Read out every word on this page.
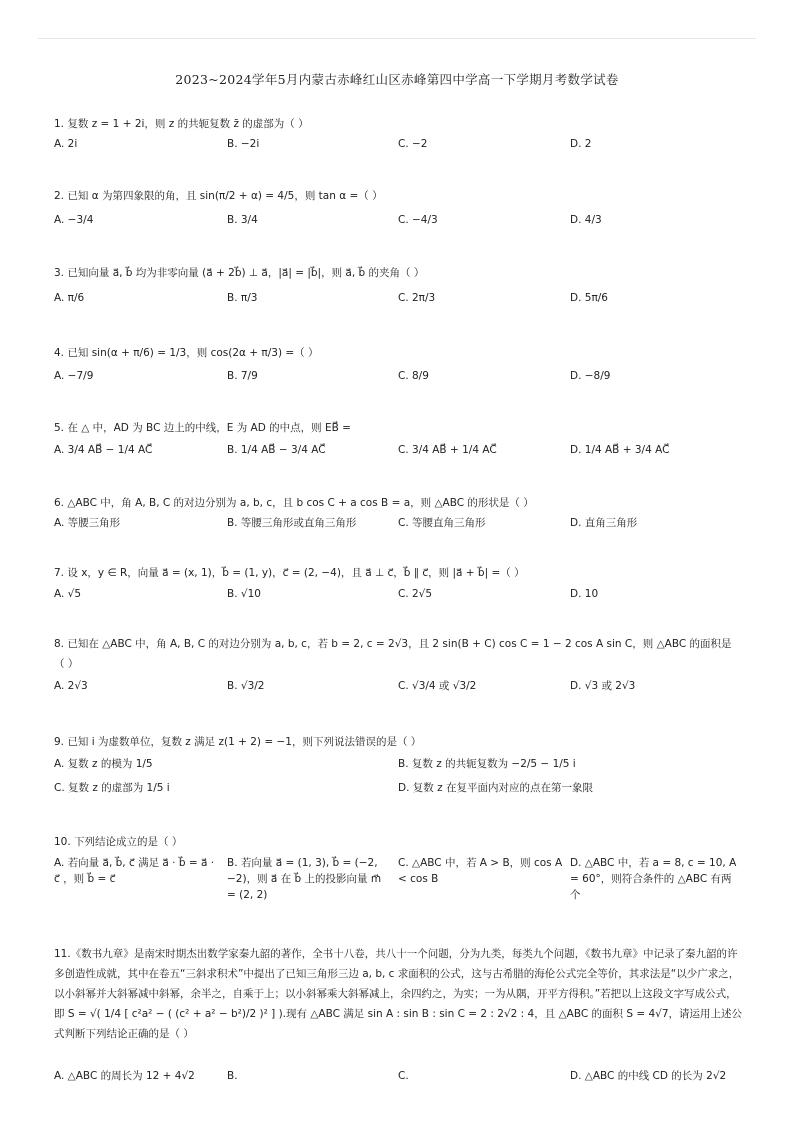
2023~2024学年5月内蒙古赤峰红山区赤峰第四中学高一下学期月考数学试卷
1. 复数 z = 1 + 2i，则 z 的共轭复数 z̄ 的虚部为（ ）
A. 2i	B. −2i	C. −2	D. 2
2. 已知 α 为第四象限的角，且 sin(π/2 + α) = 4/5，则 tan α =（ ）
A. −3/4	B. 3/4	C. −4/3	D. 4/3
3. 已知向量 a⃗, b⃗ 均为非零向量 (a⃗ + 2b⃗) ⊥ a⃗，|a⃗| = |b⃗|，则 a⃗, b⃗ 的夹角（ ）
A. π/6	B. π/3	C. 2π/3	D. 5π/6
4. 已知 sin(α + π/6) = 1/3，则 cos(2α + π/3) =（ ）
A. −7/9	B. 7/9	C. 8/9	D. −8/9
5. 在 △ 中，AD 为 BC 边上的中线，E 为 AD 的中点，则 EB⃗ =
A. 3/4 AB⃗ − 1/4 AC⃗	B. 1/4 AB⃗ − 3/4 AC⃗	C. 3/4 AB⃗ + 1/4 AC⃗	D. 1/4 AB⃗ + 3/4 AC⃗
6. △ABC 中，角 A, B, C 的对边分别为 a, b, c，且 b cos C + a cos B = a，则 △ABC 的形状是（ ）
A. 等腰三角形	B. 等腰三角形或直角三角形	C. 等腰直角三角形	D. 直角三角形
7. 设 x，y ∈ R，向量 a⃗ = (x, 1)，b⃗ = (1, y)，c⃗ = (2, −4)，且 a⃗ ⊥ c⃗，b⃗ ∥ c⃗，则 |a⃗ + b⃗| =（ ）
A. √5	B. √10	C. 2√5	D. 10
8. 已知在 △ABC 中，角 A, B, C 的对边分别为 a, b, c，若 b = 2, c = 2√3，且 2 sin(B + C) cos C = 1 − 2 cos A sin C，则 △ABC 的面积是
（ ）
A. 2√3	B. √3/2	C. √3/4 或 √3/2	D. √3 或 2√3
9. 已知 i 为虚数单位，复数 z 满足 z(1 + 2) = −1，则下列说法错误的是（ ）
A. 复数 z 的模为 1/5	B. 复数 z 的共轭复数为 −2/5 − 1/5 i
C. 复数 z 的虚部为 1/5 i	D. 复数 z 在复平面内对应的点在第一象限
10. 下列结论成立的是（ ）
A. 若向量 a⃗, b⃗, c⃗ 满足 a⃗ · b⃗ = a⃗ · c⃗ ，则 b⃗ = c⃗
B. 若向量 a⃗ = (1, 3), b⃗ = (−2, −2)，则 a⃗ 在 b⃗ 上的投影向量 m⃗ = (2, 2)
C. △ABC 中，若 A > B，则 cos A < cos B
D. △ABC 中，若 a = 8, c = 10, A = 60°，则符合条件的 △ABC 有两个
11.《数书九章》是南宋时期杰出数学家秦九韶的著作，全书十八卷，共八十一个问题，分为九类，每类九个问题，《数书九章》中记录了秦九韶的许多创造性成就，其中在卷五“三斜求积术”中提出了已知三角形三边 a, b, c 求面积的公式，这与古希腊的海伦公式完全等价，其求法是“以少广求之，以小斜幂并大斜幂减中斜幂，余半之，自乘于上；以小斜幂乘大斜幂减上，余四约之，为实；一为从隅，开平方得积。”若把以上这段文字写成公式，即 S = √( 1/4 [ c²a² − ( (c² + a² − b²)/2 )² ] ).现有 △ABC 满足 sin A : sin B : sin C = 2 : 2√2 : 4，且 △ABC 的面积 S = 4√7，请运用上述公式判断下列结论正确的是（ ）
A. △ABC 的周长为 12 + 4√2	B.	C.	D. △ABC 的中线 CD 的长为 2√2
